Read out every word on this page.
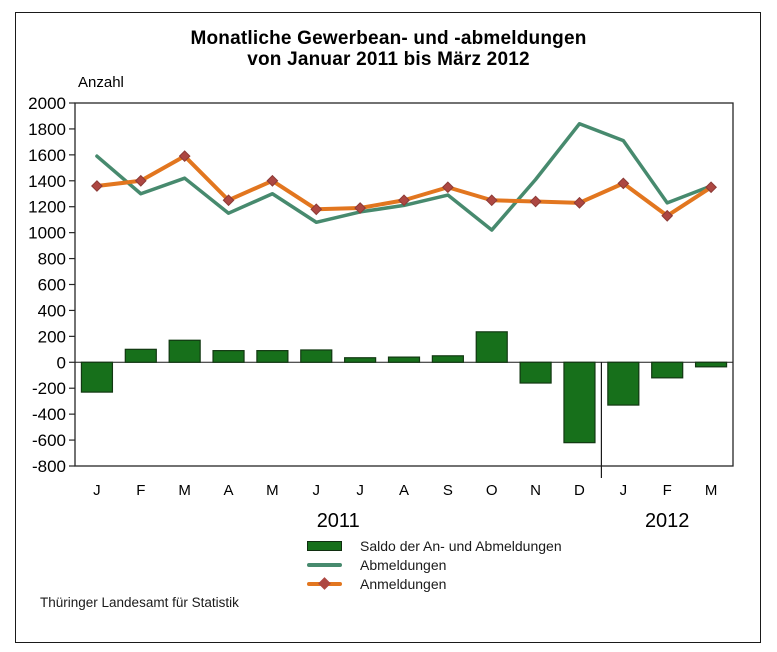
Monatliche Gewerbean- und -abmeldungen
von Januar 2011 bis März 2012
Anzahl
-800
-600
-400
-200
0
200
400
600
800
1000
1200
1400
1600
1800
2000
J F M A M J J A S O N D J F M
2011	2012
Saldo der An- und Abmeldungen
Abmeldungen
Anmeldungen
Thüringer Landesamt für Statistik
